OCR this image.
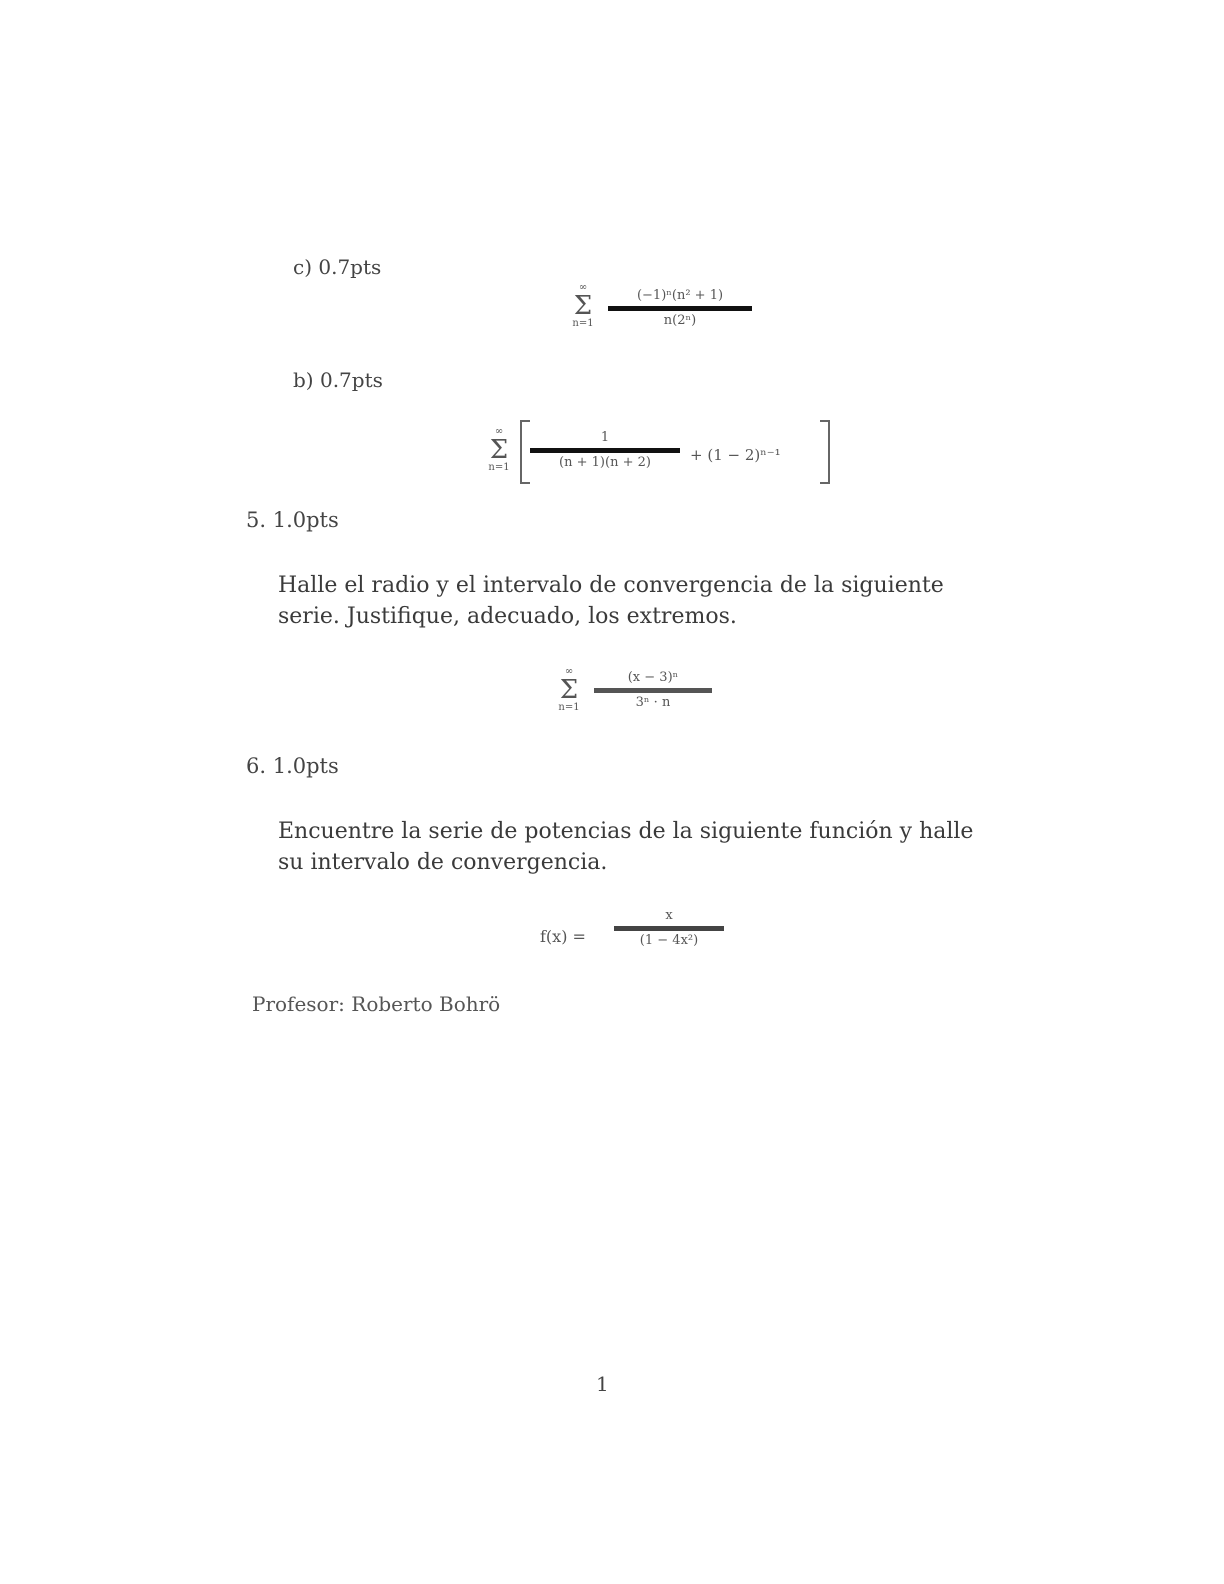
c) 0.7pts
∞
Σ
n=1
(−1)ⁿ(n² + 1)
n(2ⁿ)
b) 0.7pts
∞
Σ
n=1
1
(n + 1)(n + 2)	+ (1 − 2)ⁿ⁻¹
5. 1.0pts
Halle el radio y el intervalo de convergencia de la siguiente serie. Justifique, adecuado, los extremos.
∞
Σ
n=1
(x − 3)ⁿ
3ⁿ · n
6. 1.0pts
Encuentre la serie de potencias de la siguiente función y halle su intervalo de convergencia.
f(x) =
x
(1 − 4x²)
Profesor: Roberto Bohrö
1
